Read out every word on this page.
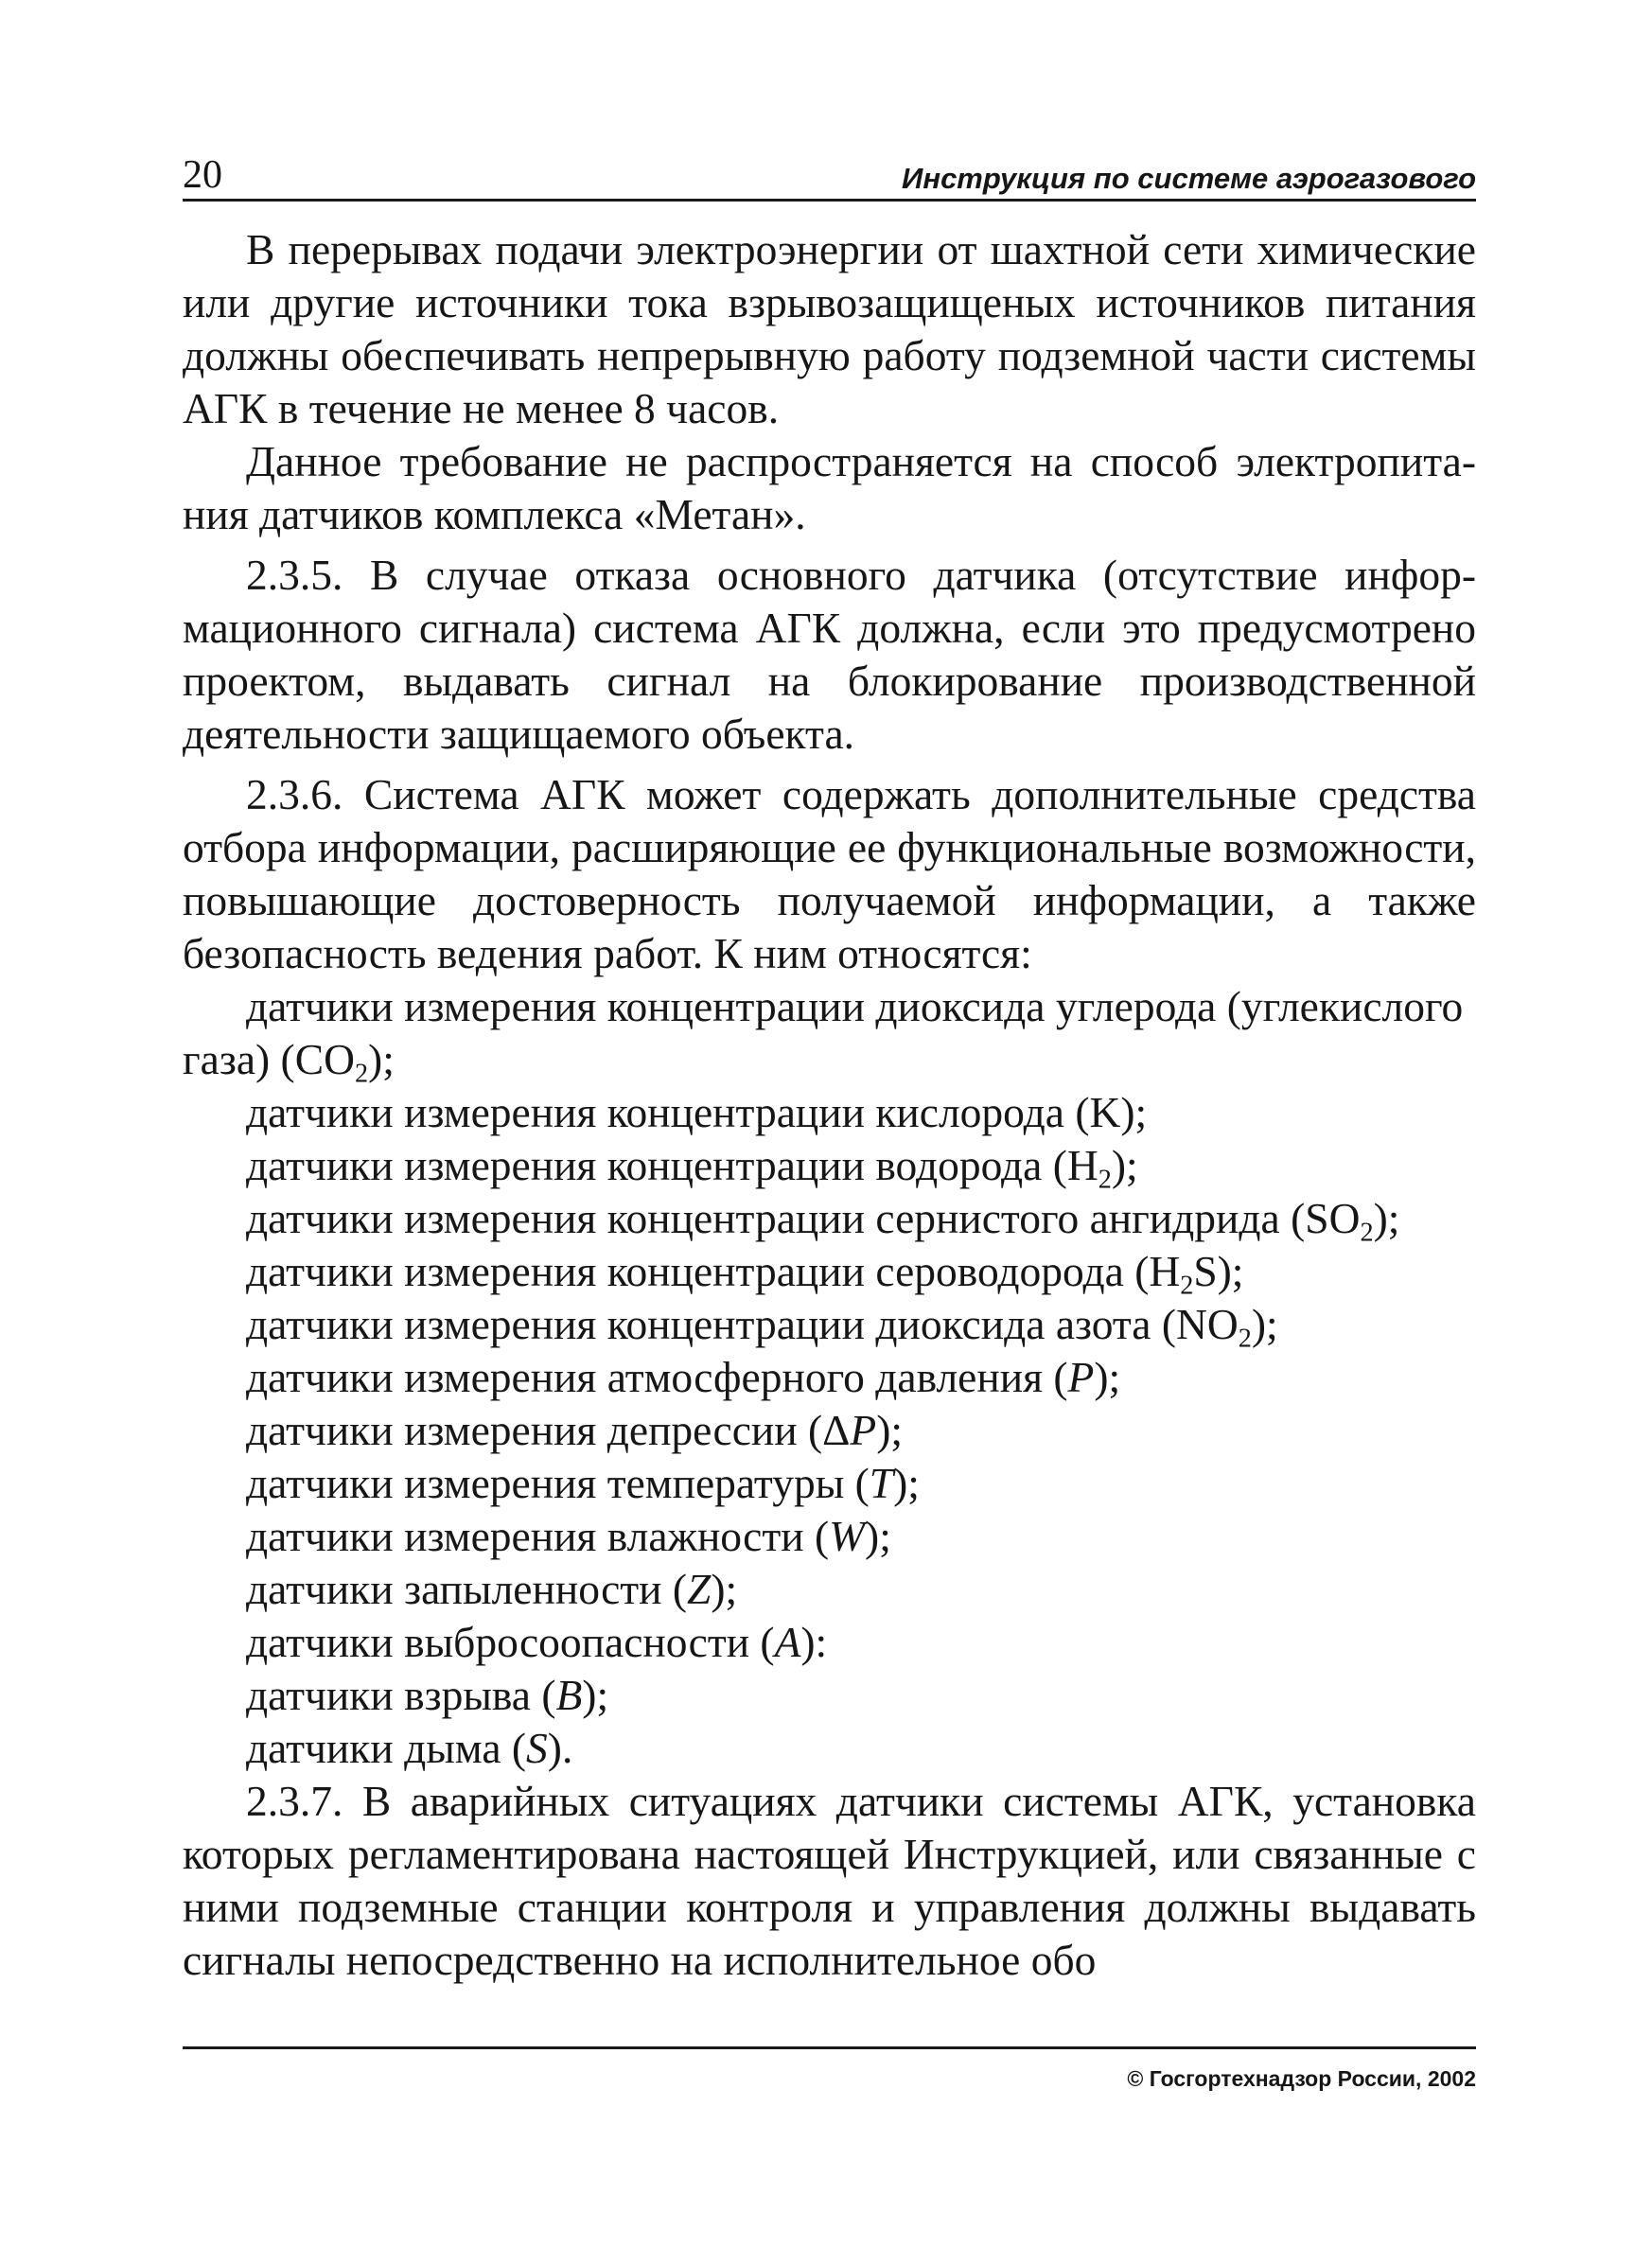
20	Инструкция по системе аэрогазового

В перерывах подачи электроэнергии от шахтной сети химические или другие источники тока взрывозащищеных источников питания должны обеспечивать непрерывную работу подземной части системы АГК в течение не менее 8 часов.

Данное требование не распространяется на способ электропитания датчиков комплекса «Метан».

2.3.5. В случае отказа основного датчика (отсутствие информационного сигнала) система АГК должна, если это предусмотрено проектом, выдавать сигнал на блокирование производственной деятельности защищаемого объекта.

2.3.6. Система АГК может содержать дополнительные средства отбора информации, расширяющие ее функциональные возможности, повышающие достоверность получаемой информации, а также безопасность ведения работ. К ним относятся:

датчики измерения концентрации диоксида углерода (углекислого газа) $(CO_2)$;

датчики измерения концентрации кислорода (K);

датчики измерения концентрации водорода $(H_2)$;

датчики измерения концентрации сернистого ангидрида $(SO_2)$;

датчики измерения концентрации сероводорода $(H_2S)$;

датчики измерения концентрации диоксида азота $(NO_2)$;

датчики измерения атмосферного давления (P);

датчики измерения депрессии (ΔP);

датчики измерения температуры (T);

датчики измерения влажности (W);

датчики запыленности (Z);

датчики выбросоопасности (A):

датчики взрыва (B);

датчики дыма (S).

2.3.7. В аварийных ситуациях датчики системы АГК, установка которых регламентирована настоящей Инструкцией, или связанные с ними подземные станции контроля и управления должны выдавать сигналы непосредственно на исполнительное обо

© Госгортехнадзор России, 2002
